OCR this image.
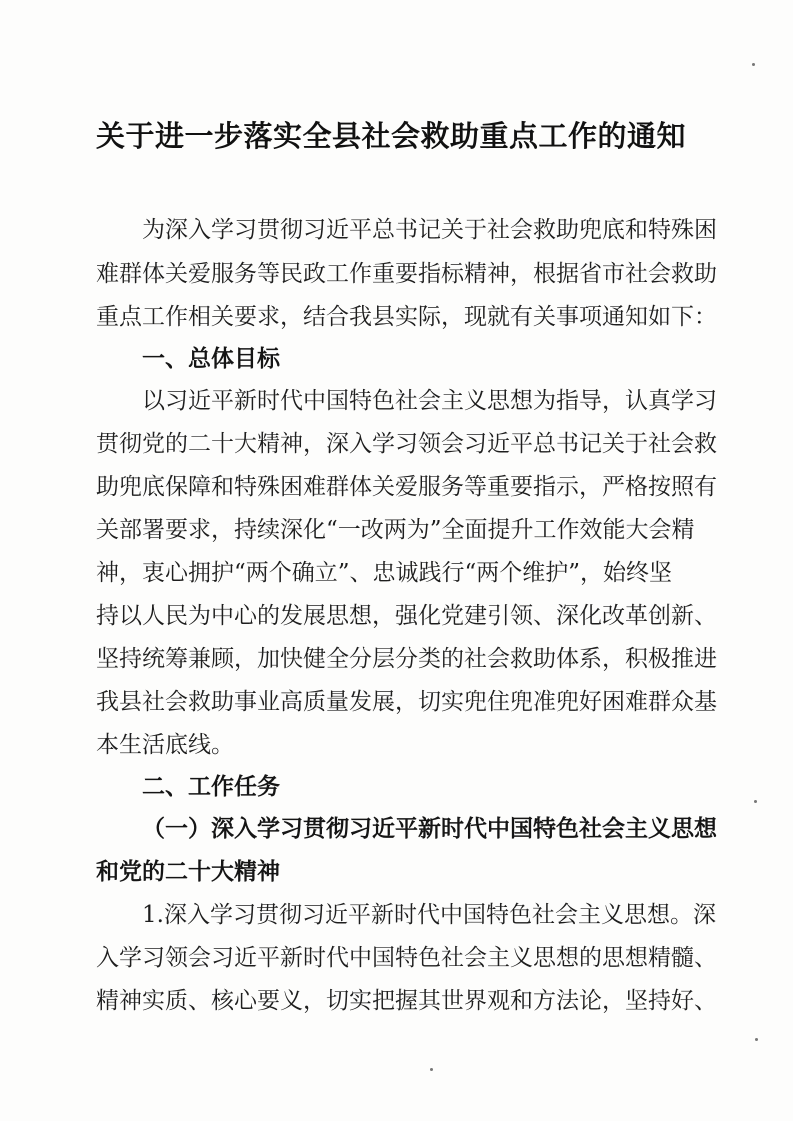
关于进一步落实全县社会救助重点工作的通知
为深入学习贯彻习近平总书记关于社会救助兜底和特殊困
难群体关爱服务等民政工作重要指标精神，根据省市社会救助
重点工作相关要求，结合我县实际，现就有关事项通知如下：
一、总体目标
以习近平新时代中国特色社会主义思想为指导，认真学习
贯彻党的二十大精神，深入学习领会习近平总书记关于社会救
助兜底保障和特殊困难群体关爱服务等重要指示，严格按照有
关部署要求，持续深化“一改两为”全面提升工作效能大会精
神，衷心拥护“两个确立”、忠诚践行“两个维护”，始终坚
持以人民为中心的发展思想，强化党建引领、深化改革创新、
坚持统筹兼顾，加快健全分层分类的社会救助体系，积极推进
我县社会救助事业高质量发展，切实兜住兜准兜好困难群众基
本生活底线。
二、工作任务
（一）深入学习贯彻习近平新时代中国特色社会主义思想
和党的二十大精神
1.深入学习贯彻习近平新时代中国特色社会主义思想。深
入学习领会习近平新时代中国特色社会主义思想的思想精髓、
精神实质、核心要义，切实把握其世界观和方法论，坚持好、
